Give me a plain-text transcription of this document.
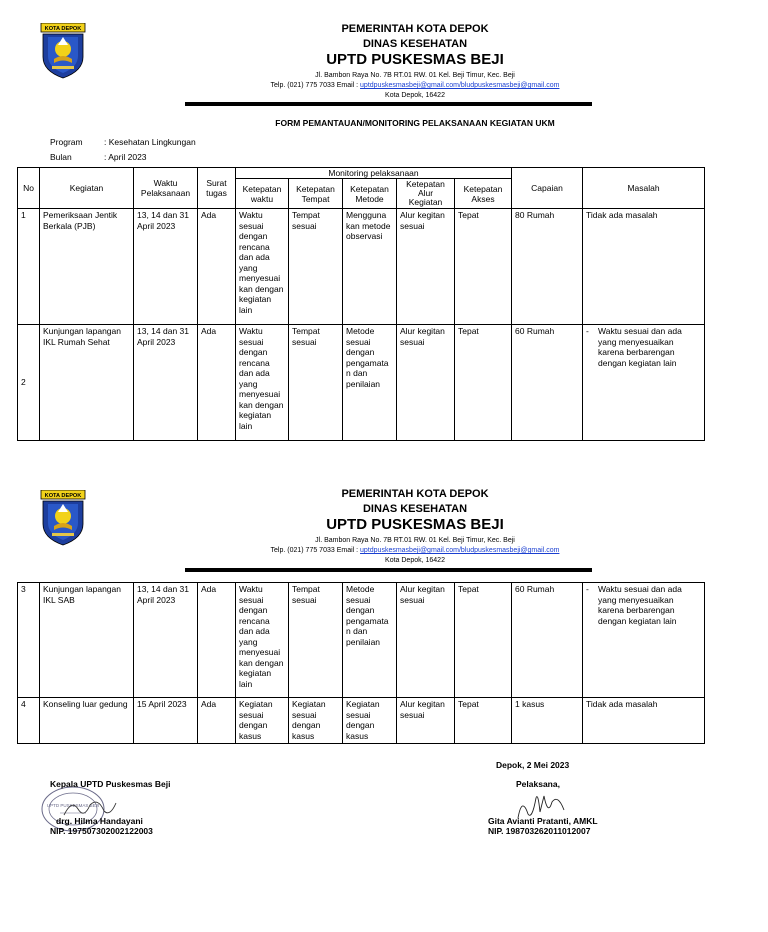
KOTA DEPOK	PEMERINTAH KOTA DEPOK
DINAS KESEHATAN
UPTD PUSKESMAS BEJI
Jl. Bambon Raya No. 7B RT.01 RW. 01 Kel. Beji Timur, Kec. Beji
Telp. (021) 775 7033 Email : uptdpuskesmasbeji@gmail.com/bludpuskesmasbeji@gmail.com
Kota Depok, 16422
FORM PEMANTAUAN/MONITORING PELAKSANAAN KEGIATAN UKM
Program	: Kesehatan Lingkungan
Bulan	: April 2023
No	Kegiatan	Waktu Pelaksanaan	Surat tugas	Monitoring pelaksanaan					Capaian	Masalah
				Ketepatan waktu	Ketepatan Tempat	Ketepatan Metode	Ketepatan Alur Kegiatan	Ketepatan Akses		
1	Pemeriksaan Jentik Berkala (PJB)	13, 14 dan 31 April 2023	Ada	Waktu sesuai dengan rencana dan ada yang menyesuai kan dengan kegiatan lain	Tempat sesuai	Mengguna kan metode observasi	Alur kegitan sesuai	Tepat	80 Rumah	Tidak ada masalah
2	Kunjungan lapangan IKL Rumah Sehat	13, 14 dan 31 April 2023	Ada	Waktu sesuai dengan rencana dan ada yang menyesuai kan dengan kegiatan lain	Tempat sesuai	Metode sesuai dengan pengamata n dan penilaian	Alur kegitan sesuai	Tepat	60 Rumah	- Waktu sesuai dan ada yang menyesuaikan karena berbarengan dengan kegiatan lain
KOTA DEPOK	PEMERINTAH KOTA DEPOK
DINAS KESEHATAN
UPTD PUSKESMAS BEJI
Jl. Bambon Raya No. 7B RT.01 RW. 01 Kel. Beji Timur, Kec. Beji
Telp. (021) 775 7033 Email : uptdpuskesmasbeji@gmail.com/bludpuskesmasbeji@gmail.com
Kota Depok, 16422
3	Kunjungan lapangan IKL SAB	13, 14 dan 31 April 2023	Ada	Waktu sesuai dengan rencana dan ada yang menyesuai kan dengan kegiatan lain	Tempat sesuai	Metode sesuai dengan pengamata n dan penilaian	Alur kegitan sesuai	Tepat	60 Rumah	- Waktu sesuai dan ada yang menyesuaikan karena berbarengan dengan kegiatan lain

4	Konseling luar gedung	15 April 2023	Ada	Kegiatan sesuai dengan kasus	Kegiatan sesuai dengan kasus	Kegiatan sesuai dengan kasus	Alur kegitan sesuai	Tepat	1 kasus	Tidak ada masalah
Depok, 2 Mei 2023
UPTD PUSKESMAS BEJI
Kepala UPTD Puskesmas Beji
drg. Hilma Handayani
NIP. 197507302002122003
Pelaksana,
Gita Avianti Pratanti, AMKL
NIP. 198703262011012007
